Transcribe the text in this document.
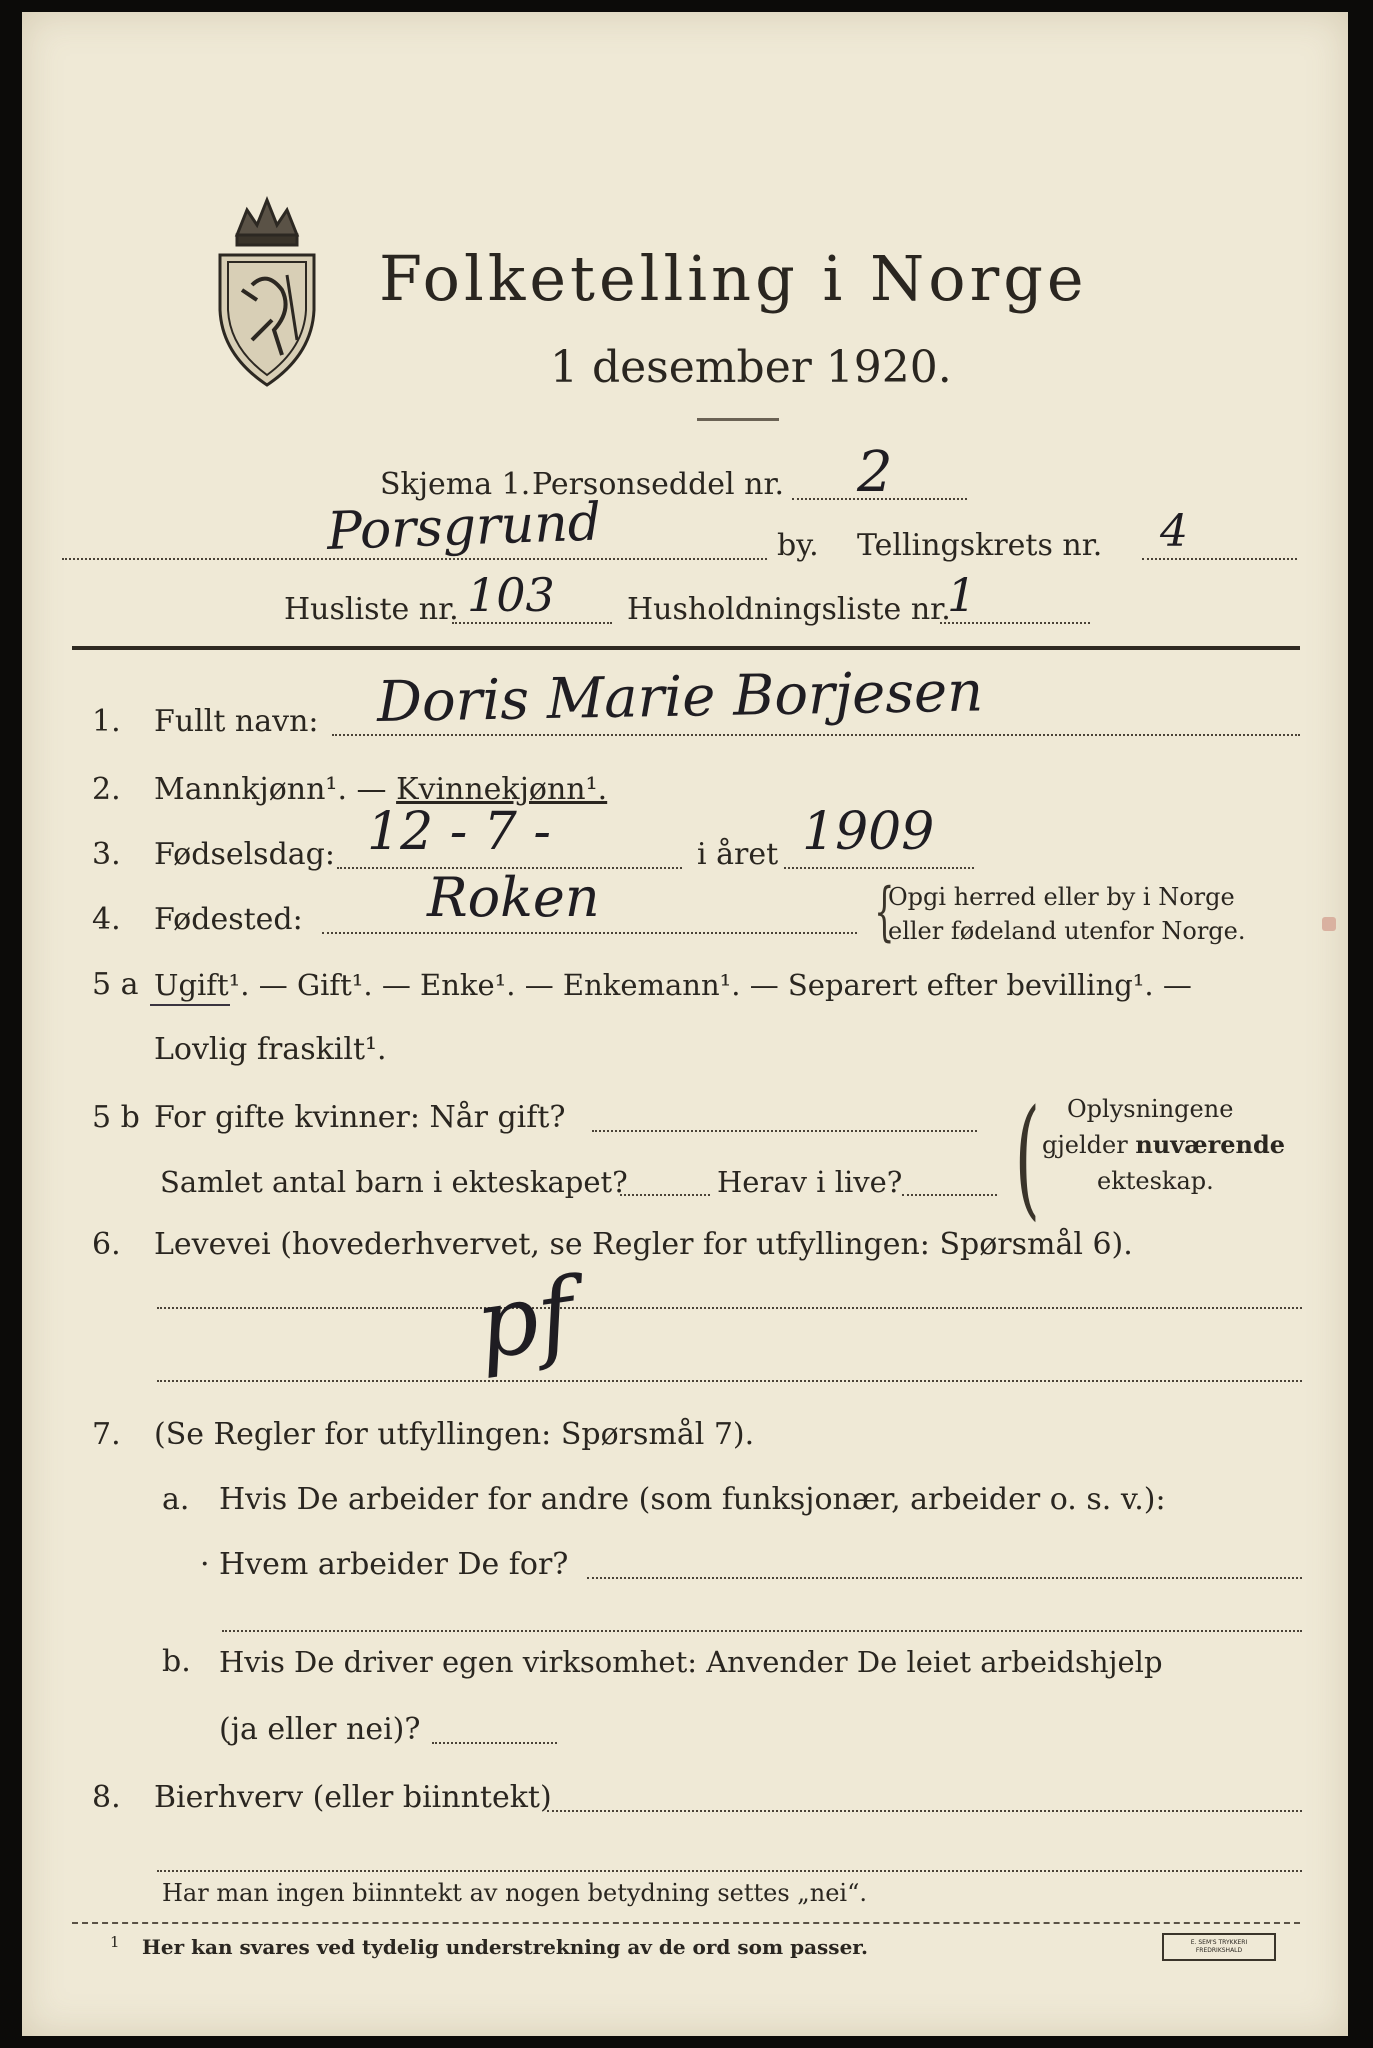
Folketelling i Norge
1 desember 1920.
Skjema 1. Personseddel nr. 2
Porsgrund	by. Tellingskrets nr. 4
Husliste nr. 103 Husholdningsliste nr.
1
1. Fullt navn: Doris Marie Borjesen
2. Mannkjønn¹. — Kvinnekjønn¹.
3. Fødselsdag: 12 - 7 -	i året 1909
4. Fødested: Roken	{
Opgi herred eller by i Norge
eller fødeland utenfor Norge.
5 a Ugift¹. — Gift¹. — Enke¹. — Enkemann¹. — Separert efter bevilling¹. —
Lovlig fraskilt¹.
5 b For gifte kvinner: Når gift?
Samlet antal barn i ekteskapet?	Herav i live? ( Oplysningene
gjelder nuværende
ekteskap.
6. Levevei (hovederhvervet, se Regler for utfyllingen: Spørsmål 6).
pf
7. (Se Regler for utfyllingen: Spørsmål 7).
a. Hvis De arbeider for andre (som funksjonær, arbeider o. s. v.):
· Hvem arbeider De for?
b. Hvis De driver egen virksomhet: Anvender De leiet arbeidshjelp
(ja eller nei)?
8. Bierhverv (eller biinntekt)
Har man ingen biinntekt av nogen betydning settes „nei“.
1 Her kan svares ved tydelig understrekning av de ord som passer.	E. SEM'S TRYKKERI
FREDRIKSHALD
